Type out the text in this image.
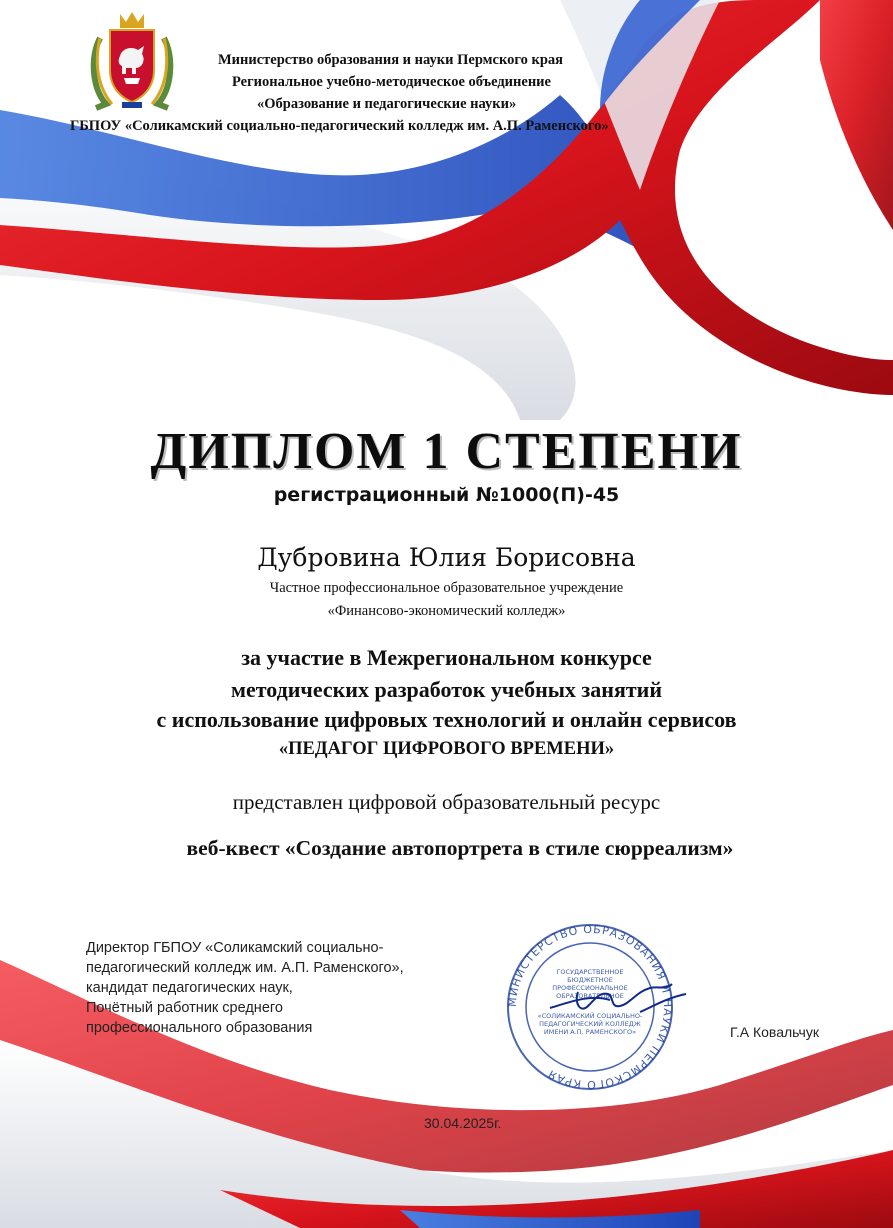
Министерство образования и науки Пермского края
Региональное учебно-методическое объединение
«Образование и педагогические науки»
ГБПОУ «Соликамский социально-педагогический колледж им. А.П. Раменского»
ДИПЛОМ 1 СТЕПЕНИ
регистрационный №1000(П)-45
Дубровина Юлия Борисовна
Частное профессиональное образовательное учреждение
«Финансово-экономический колледж»
за участие в Межрегиональном конкурсе
методических разработок учебных занятий
с использование цифровых технологий и онлайн сервисов
«ПЕДАГОГ ЦИФРОВОГО ВРЕМЕНИ»
представлен цифровой образовательный ресурс
веб-квест «Создание автопортрета в стиле сюрреализм»
Директор ГБПОУ «Соликамский социально-
педагогический колледж им. А.П. Раменского»,
кандидат педагогических наук,
Почётный работник среднего
профессионального образования
МИНИСТЕРСТВО ОБРАЗОВАНИЯ И НАУКИ ПЕРМСКОГО КРАЯ
ГОСУДАРСТВЕННОЕ
БЮДЖЕТНОЕ
ПРОФЕССИОНАЛЬНОЕ
ОБРАЗОВАТЕЛЬНОЕ
«СОЛИКАМСКИЙ СОЦИАЛЬНО-
ПЕДАГОГИЧЕСКИЙ КОЛЛЕДЖ
ИМЕНИ А.П. РАМЕНСКОГО»	Г.А Ковальчук
30.04.2025г.
